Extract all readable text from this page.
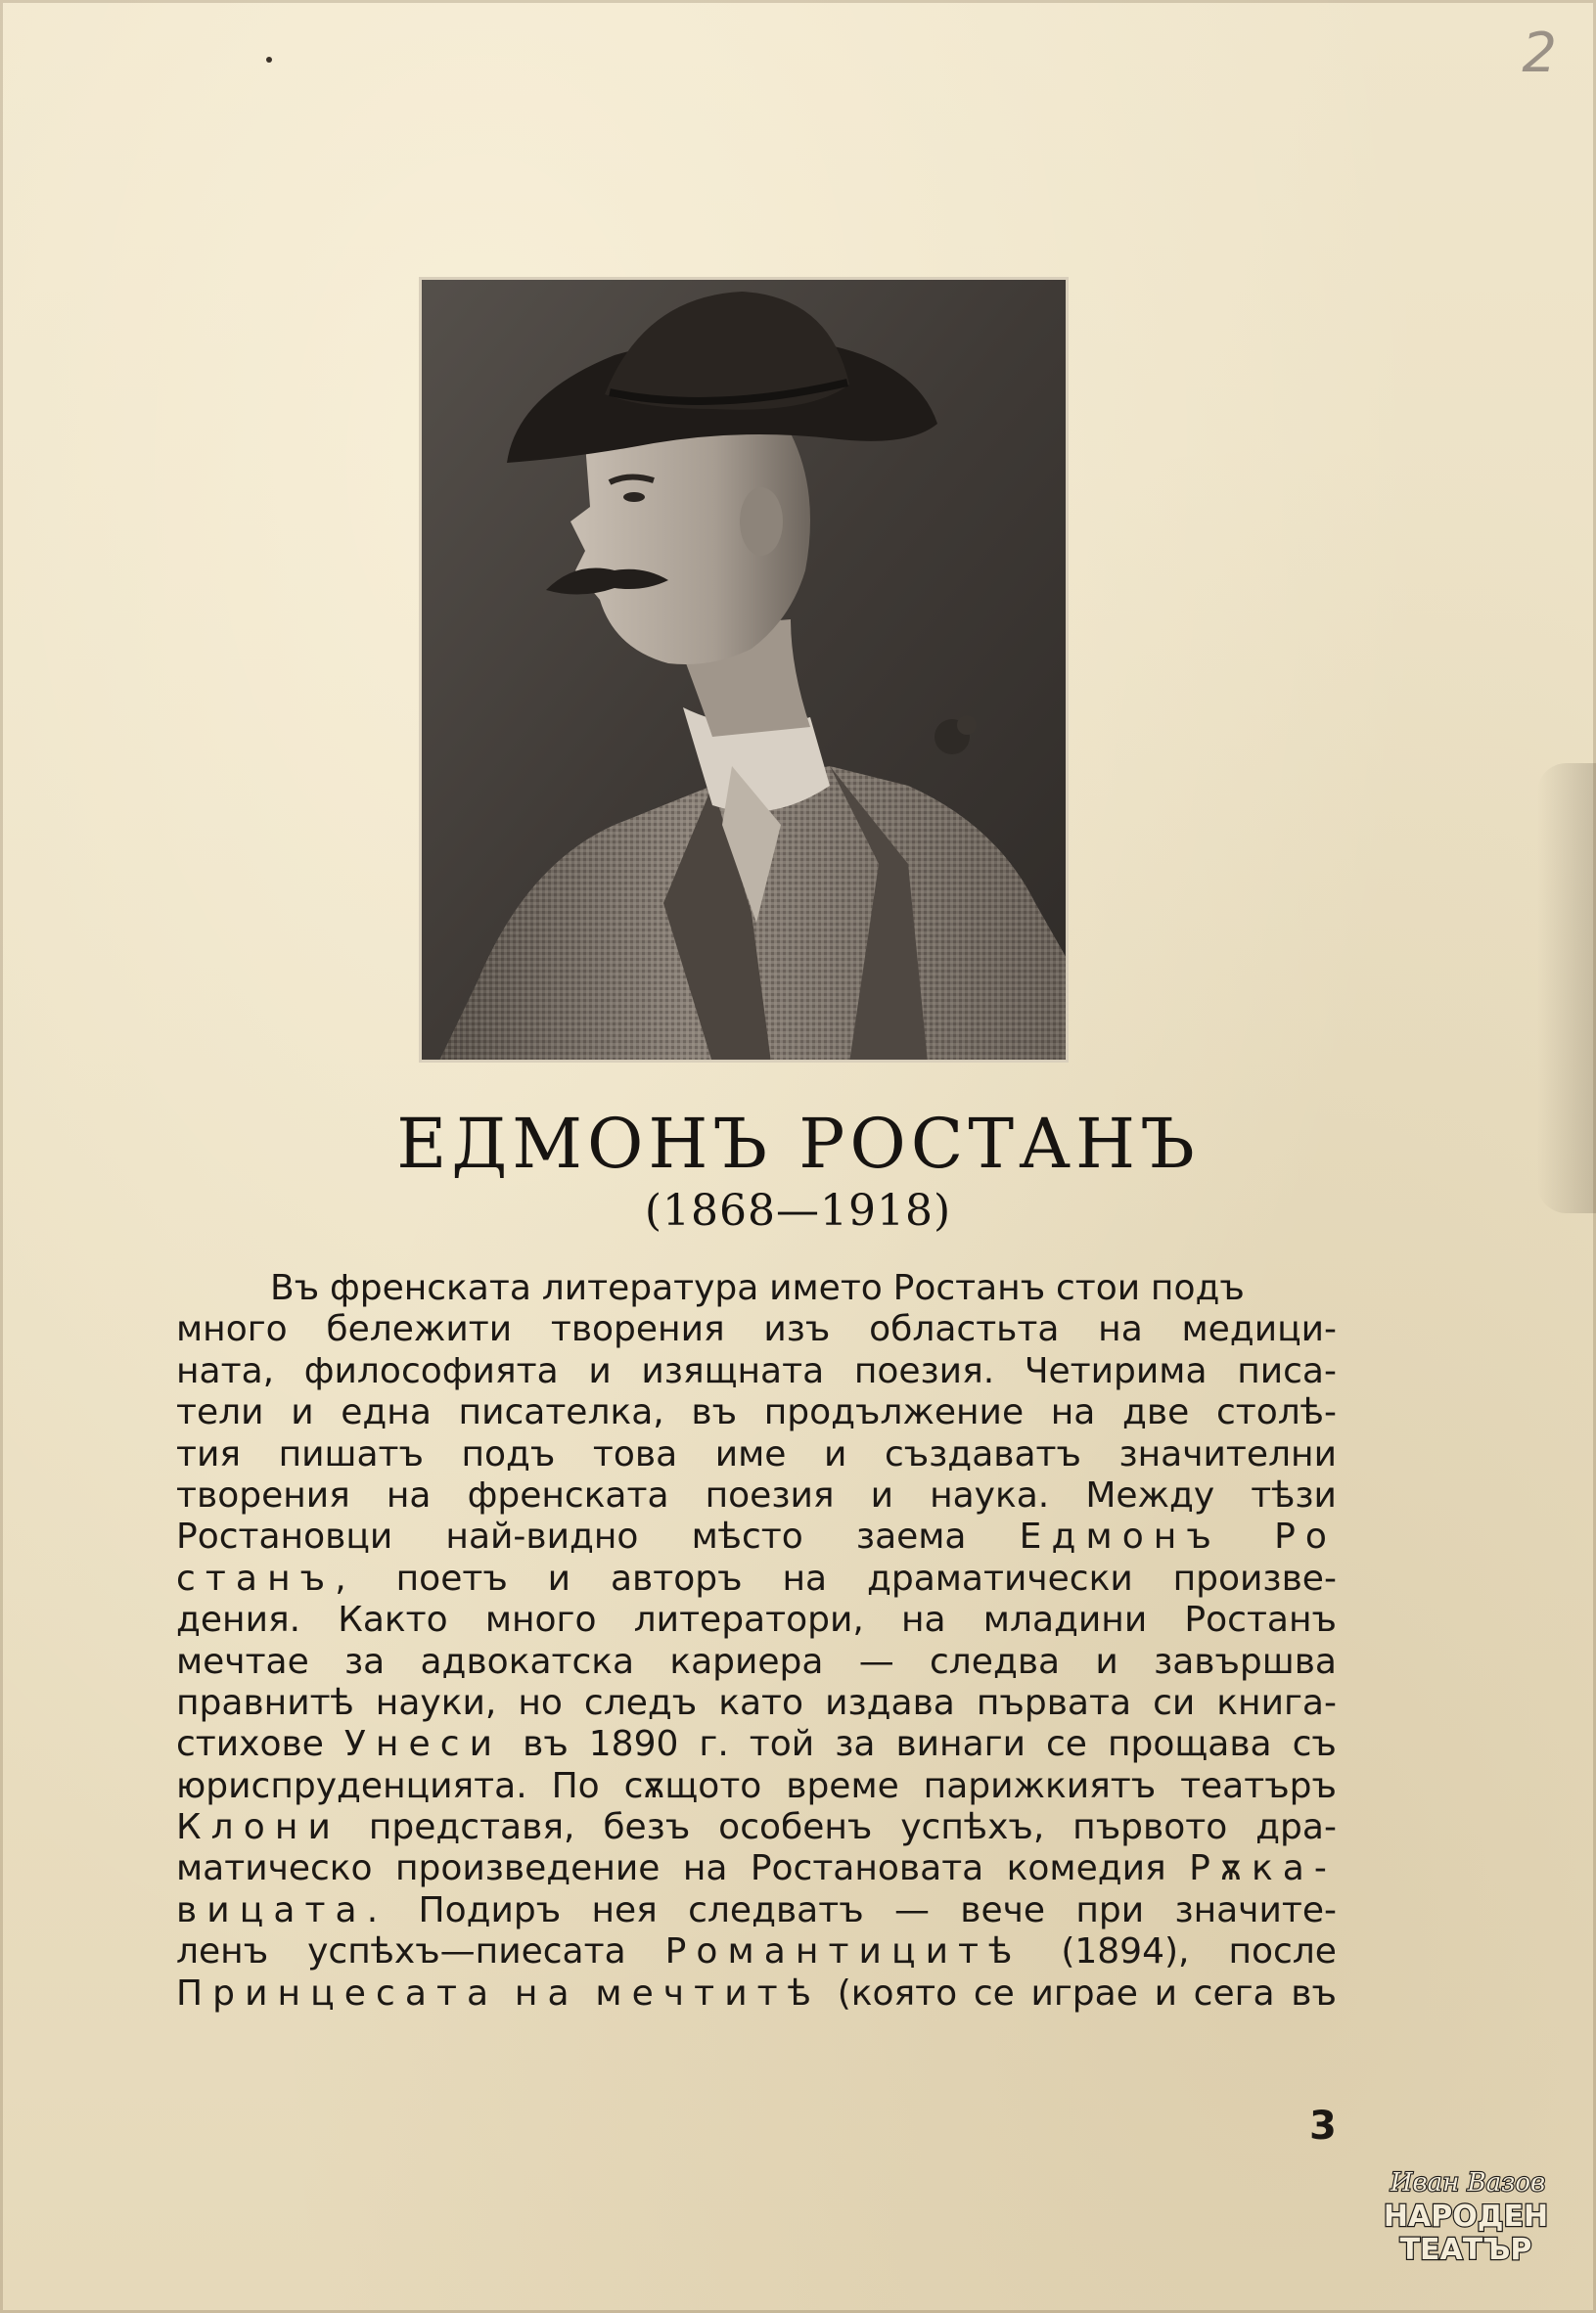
2
ЕДМОНЪ РОСТАНЪ
(1868—1918)
Въ френската литература името Ростанъ стои подъ
много бележити творения изъ областьта на медици-
ната, философията и изящната поезия. Четирима писа-
тели и една писателка, въ продължение на две столѣ-
тия пишатъ подъ това име и създаватъ значителни
творения на френската поезия и наука. Между тѣзи
Ростановци най-видно мѣсто заема Едмонъ Ро
станъ, поетъ и авторъ на драматически произве-
дения. Както много литератори, на младини Ростанъ
мечтае за адвокатска кариера — следва и завършва
правнитѣ науки, но следъ като издава първата си книга-
стихове Унеси въ 1890 г. той за винаги се прощава съ
юриспруденцията. По сѫщото време парижкиятъ театъръ
Клони представя, безъ особенъ успѣхъ, първото дра-
матическо произведение на Ростановата комедия Рѫка-
вицата. Подиръ нея следватъ — вече при значите-
ленъ успѣхъ—пиесата Романтицитѣ (1894), после
Принцесата на мечтитѣ (която се играе и сега въ
3
Иван Вазов
НАРОДЕН
ТЕАТЪР
